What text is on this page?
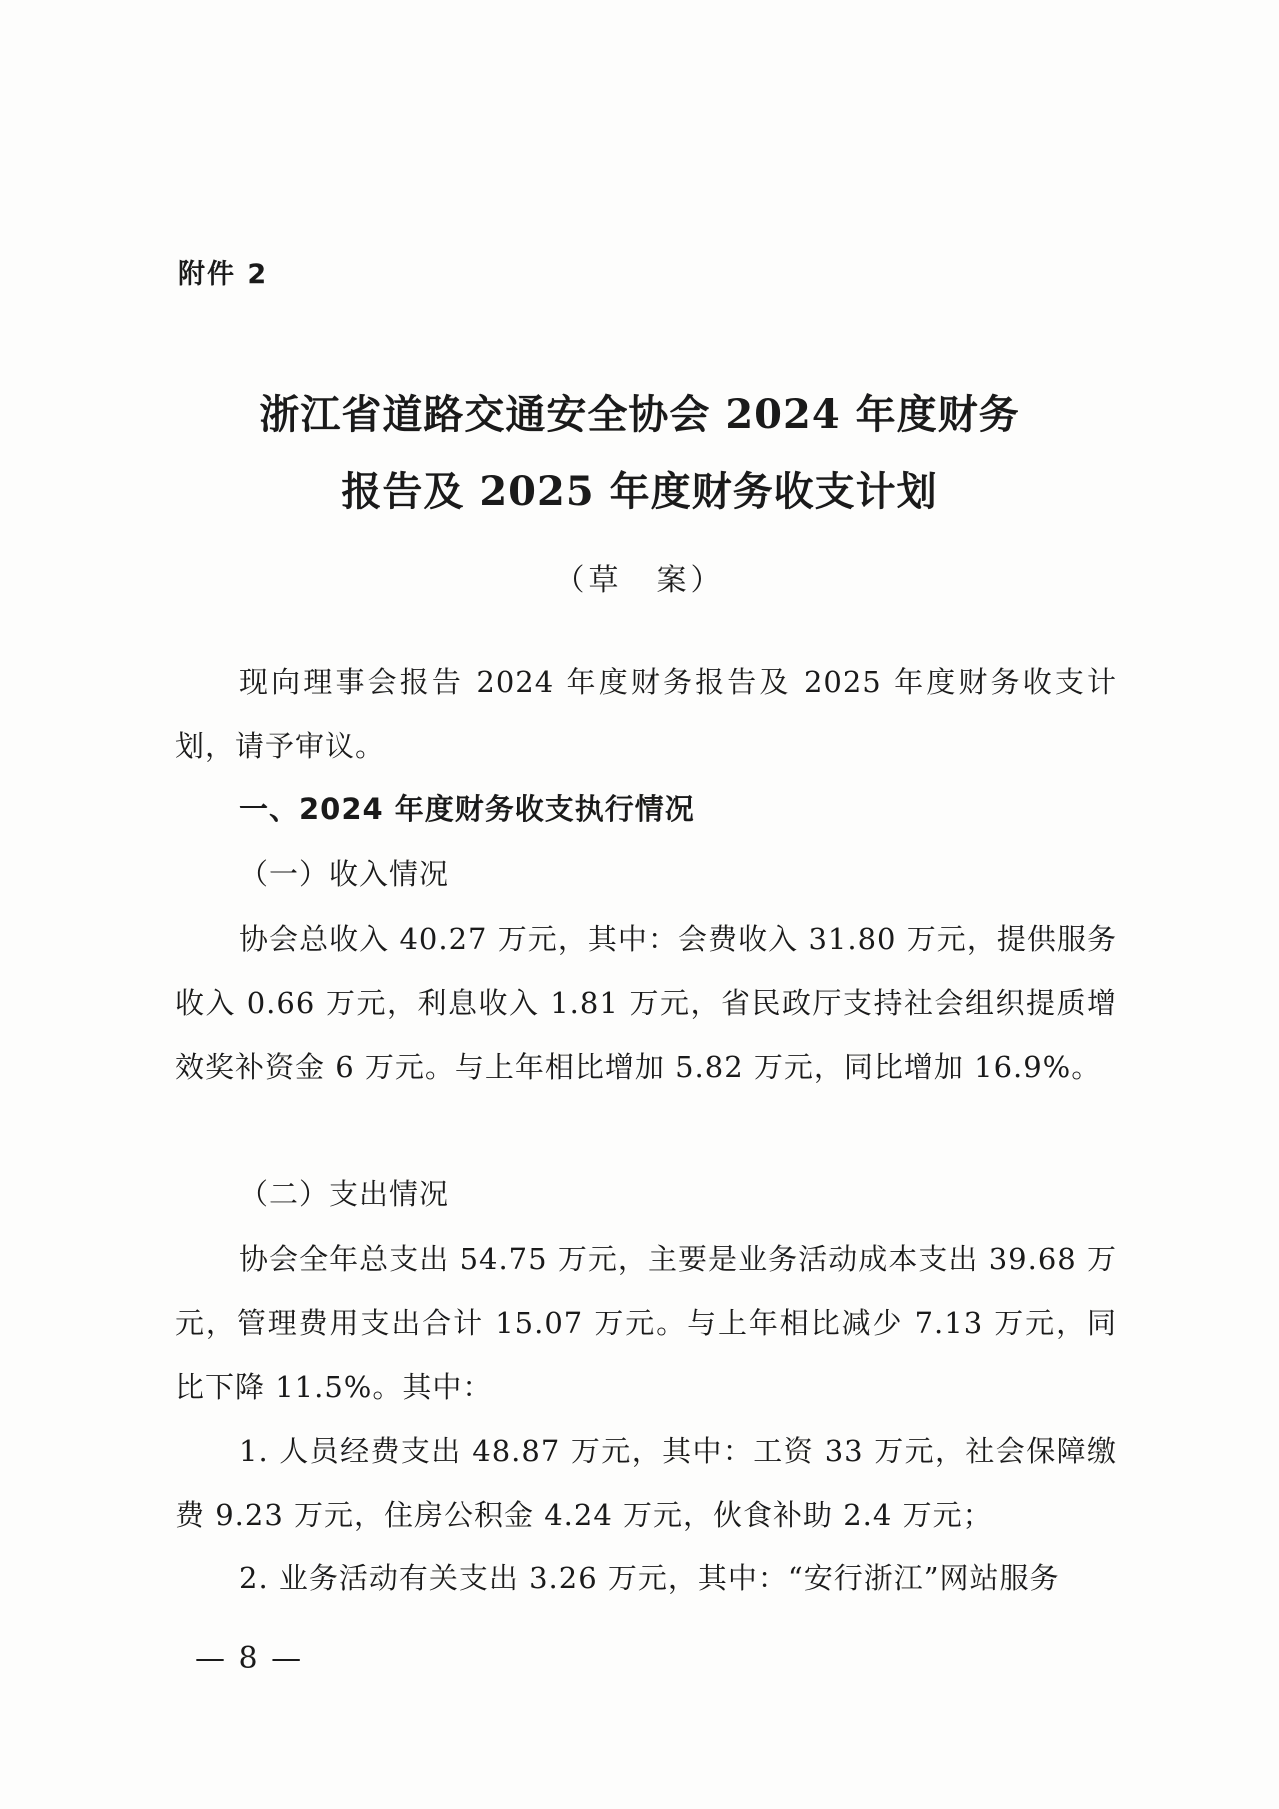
附件 2
浙江省道路交通安全协会 2024 年度财务
报告及 2025 年度财务收支计划
（草　案）

现向理事会报告 2024 年度财务报告及 2025 年度财务收支计划，请予审议。

一、2024 年度财务收支执行情况

（一）收入情况

协会总收入 40.27 万元，其中：会费收入 31.80 万元，提供服务收入 0.66 万元，利息收入 1.81 万元，省民政厅支持社会组织提质增效奖补资金 6 万元。与上年相比增加 5.82 万元，同比增加 16.9%。

（二）支出情况

协会全年总支出 54.75 万元，主要是业务活动成本支出 39.68 万元，管理费用支出合计 15.07 万元。与上年相比减少 7.13 万元，同比下降 11.5%。其中：

1. 人员经费支出 48.87 万元，其中：工资 33 万元，社会保障缴费 9.23 万元，住房公积金 4.24 万元，伙食补助 2.4 万元；

2. 业务活动有关支出 3.26 万元，其中：“安行浙江”网站服务

— 8 —
